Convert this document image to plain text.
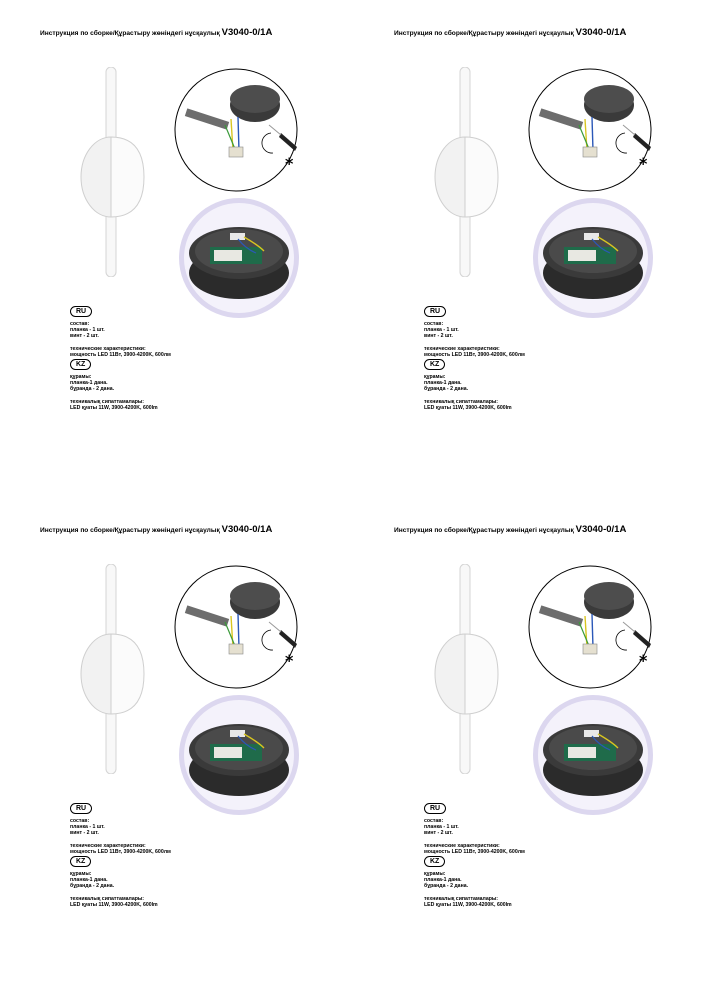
Инструкция по сборке/Құрастыру жөніндегі нұсқаулық V3040-0/1A
*
RU
состав:
планка - 1 шт.
винт - 2 шт.
технические характеристики:
мощность LED 11Вт, 3900-4200K, 600лм
KZ
құрамы:
планка-1 дана.
бұранда - 2 дана.
техникалық сипаттамалары:
LED қуаты 11W, 3900-4200K, 600lm
Инструкция по сборке/Құрастыру жөніндегі нұсқаулық V3040-0/1A
*
RU
состав:
планка - 1 шт.
винт - 2 шт.
технические характеристики:
мощность LED 11Вт, 3900-4200K, 600лм
KZ
құрамы:
планка-1 дана.
бұранда - 2 дана.
техникалық сипаттамалары:
LED қуаты 11W, 3900-4200K, 600lm
Инструкция по сборке/Құрастыру жөніндегі нұсқаулық V3040-0/1A
*
RU
состав:
планка - 1 шт.
винт - 2 шт.
технические характеристики:
мощность LED 11Вт, 3900-4200K, 600лм
KZ
құрамы:
планка-1 дана.
бұранда - 2 дана.
техникалық сипаттамалары:
LED қуаты 11W, 3900-4200K, 600lm
Инструкция по сборке/Құрастыру жөніндегі нұсқаулық V3040-0/1A
*
RU
состав:
планка - 1 шт.
винт - 2 шт.
технические характеристики:
мощность LED 11Вт, 3900-4200K, 600лм
KZ
құрамы:
планка-1 дана.
бұранда - 2 дана.
техникалық сипаттамалары:
LED қуаты 11W, 3900-4200K, 600lm
